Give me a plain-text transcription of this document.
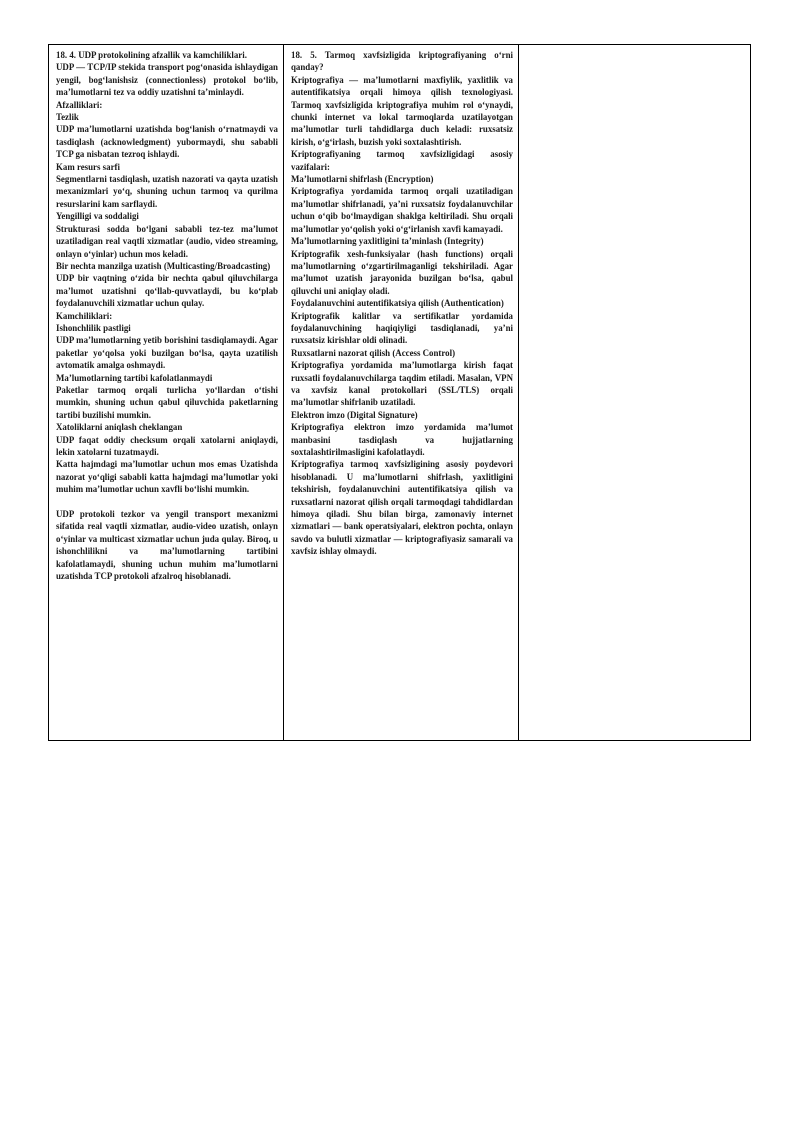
18. 4. UDP protokolining afzallik va kamchiliklari.

UDP — TCP/IP stekida transport pog‘onasida ishlaydigan yengil, bog‘lanishsiz (connectionless) protokol bo‘lib, ma’lumotlarni tez va oddiy uzatishni ta’minlaydi.

Afzalliklari:

Tezlik

UDP ma’lumotlarni uzatishda bog‘lanish o‘rnatmaydi va tasdiqlash (acknowledgment) yubormaydi, shu sababli TCP ga nisbatan tezroq ishlaydi.

Kam resurs sarfi

Segmentlarni tasdiqlash, uzatish nazorati va qayta uzatish mexanizmlari yo‘q, shuning uchun tarmoq va qurilma resurslarini kam sarflaydi.

Yengilligi va soddaligi

Strukturasi sodda bo‘lgani sababli tez-tez ma’lumot uzatiladigan real vaqtli xizmatlar (audio, video streaming, onlayn o‘yinlar) uchun mos keladi.

Bir nechta manzilga uzatish (Multicasting/Broadcasting)

UDP bir vaqtning o‘zida bir nechta qabul qiluvchilarga ma’lumot uzatishni qo‘llab-quvvatlaydi, bu ko‘plab foydalanuvchili xizmatlar uchun qulay.

Kamchiliklari:

Ishonchlilik pastligi

UDP ma’lumotlarning yetib borishini tasdiqlamaydi. Agar paketlar yo‘qolsa yoki buzilgan bo‘lsa, qayta uzatilish avtomatik amalga oshmaydi.

Ma’lumotlarning tartibi kafolatlanmaydi

Paketlar tarmoq orqali turlicha yo‘llardan o‘tishi mumkin, shuning uchun qabul qiluvchida paketlarning tartibi buzilishi mumkin.

Xatoliklarni aniqlash cheklangan

UDP faqat oddiy checksum orqali xatolarni aniqlaydi, lekin xatolarni tuzatmaydi.

Katta hajmdagi ma’lumotlar uchun mos emas Uzatishda nazorat yo‘qligi sababli katta hajmdagi ma’lumotlar yoki muhim ma’lumotlar uchun xavfli bo‘lishi mumkin.

UDP protokoli tezkor va yengil transport mexanizmi sifatida real vaqtli xizmatlar, audio-video uzatish, onlayn o‘yinlar va multicast xizmatlar uchun juda qulay. Biroq, u ishonchlilikni va ma’lumotlarning tartibini kafolatlamaydi, shuning uchun muhim ma’lumotlarni uzatishda TCP protokoli afzalroq hisoblanadi.

18. 5. Tarmoq xavfsizligida kriptografiyaning o‘rni qanday?

Kriptografiya — ma’lumotlarni maxfiylik, yaxlitlik va autentifikatsiya orqali himoya qilish texnologiyasi. Tarmoq xavfsizligida kriptografiya muhim rol o‘ynaydi, chunki internet va lokal tarmoqlarda uzatilayotgan ma’lumotlar turli tahdidlarga duch keladi: ruxsatsiz kirish, o‘g‘irlash, buzish yoki soxtalashtirish.

Kriptografiyaning tarmoq xavfsizligidagi asosiy vazifalari:

Ma’lumotlarni shifrlash (Encryption)

Kriptografiya yordamida tarmoq orqali uzatiladigan ma’lumotlar shifrlanadi, ya’ni ruxsatsiz foydalanuvchilar uchun o‘qib bo‘lmaydigan shaklga keltiriladi. Shu orqali ma’lumotlar yo‘qolish yoki o‘g‘irlanish xavfi kamayadi.

Ma’lumotlarning yaxlitligini ta’minlash (Integrity)

Kriptografik xesh-funksiyalar (hash functions) orqali ma’lumotlarning o‘zgartirilmaganligi tekshiriladi. Agar ma’lumot uzatish jarayonida buzilgan bo‘lsa, qabul qiluvchi uni aniqlay oladi.

Foydalanuvchini autentifikatsiya qilish (Authentication)

Kriptografik kalitlar va sertifikatlar yordamida foydalanuvchining haqiqiyligi tasdiqlanadi, ya’ni ruxsatsiz kirishlar oldi olinadi.

Ruxsatlarni nazorat qilish (Access Control)

Kriptografiya yordamida ma’lumotlarga kirish faqat ruxsatli foydalanuvchilarga taqdim etiladi. Masalan, VPN va xavfsiz kanal protokollari (SSL/TLS) orqali ma’lumotlar shifrlanib uzatiladi.

Elektron imzo (Digital Signature)

Kriptografiya elektron imzo yordamida ma’lumot manbasini tasdiqlash va hujjatlarning soxtalashtirilmasligini kafolatlaydi.

Kriptografiya tarmoq xavfsizligining asosiy poydevori hisoblanadi. U ma’lumotlarni shifrlash, yaxlitligini tekshirish, foydalanuvchini autentifikatsiya qilish va ruxsatlarni nazorat qilish orqali tarmoqdagi tahdidlardan himoya qiladi. Shu bilan birga, zamonaviy internet xizmatlari — bank operatsiyalari, elektron pochta, onlayn savdo va bulutli xizmatlar — kriptografiyasiz samarali va xavfsiz ishlay olmaydi.
